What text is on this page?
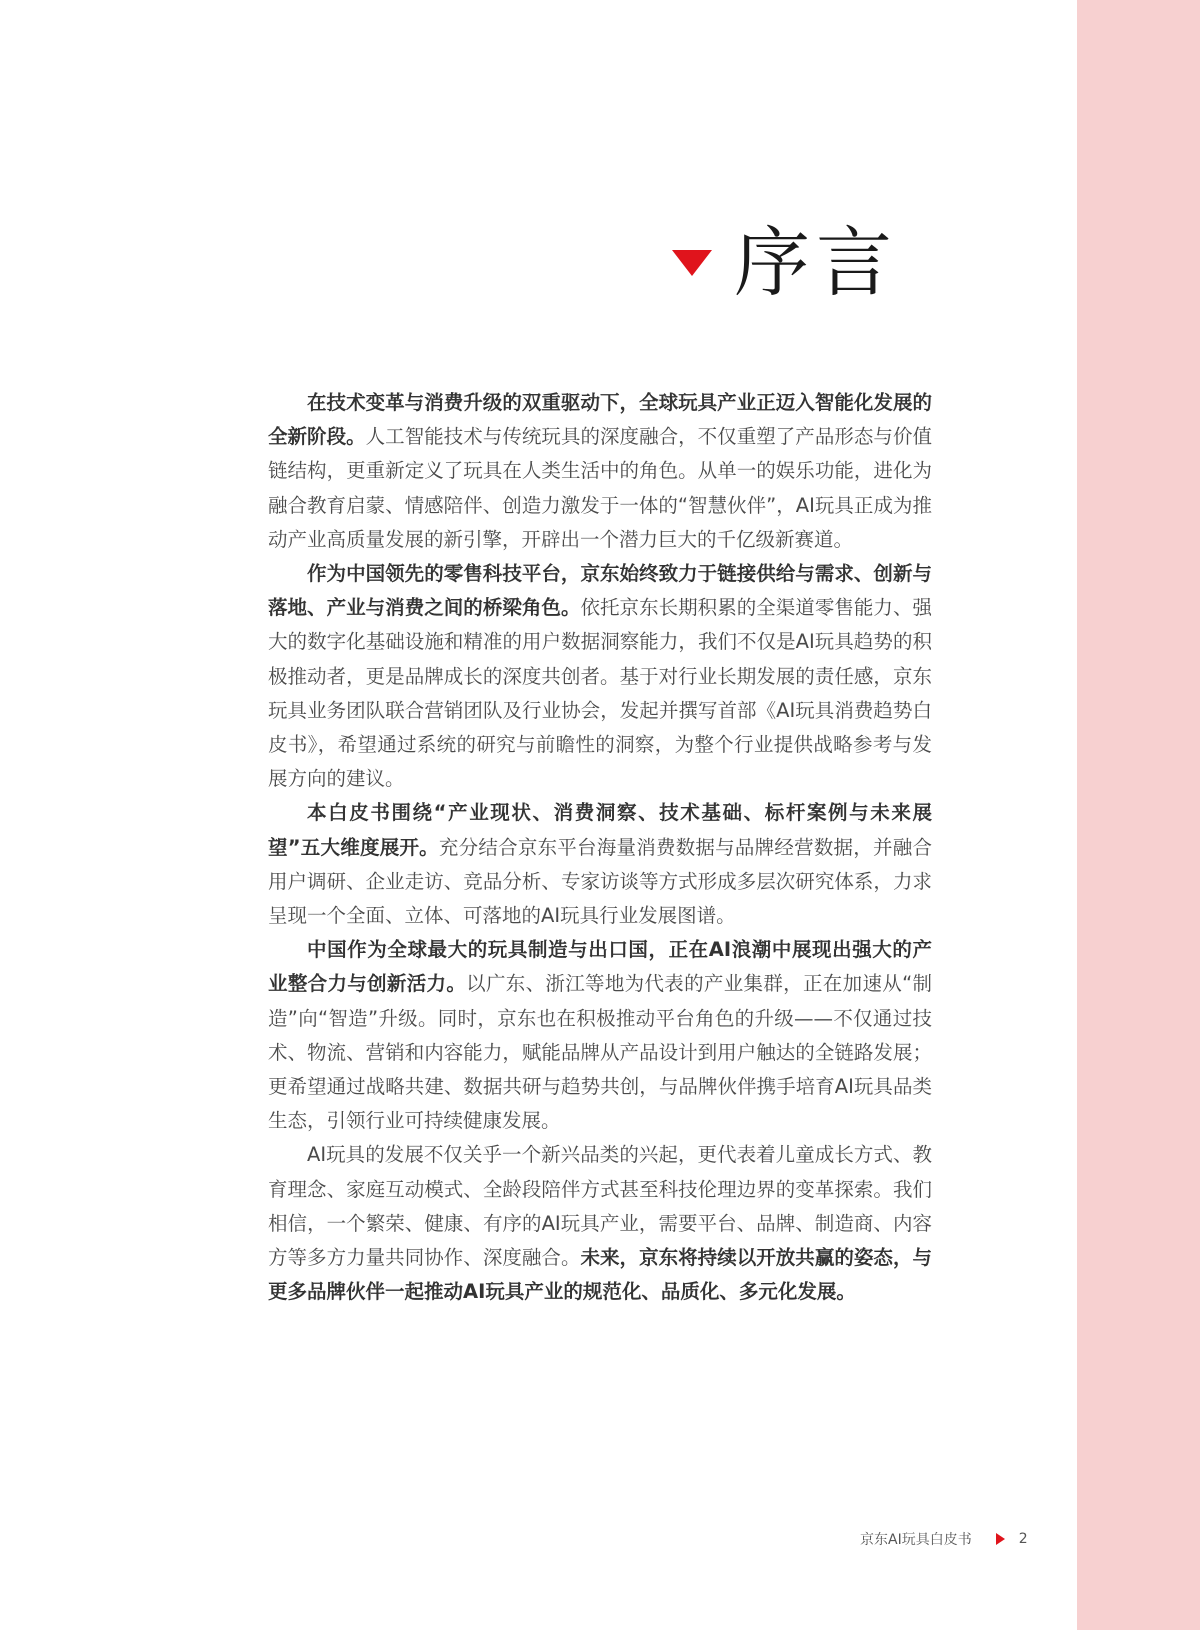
序言

在技术变革与消费升级的双重驱动下，全球玩具产业正迈入智能化发展的全新阶段。人工智能技术与传统玩具的深度融合，不仅重塑了产品形态与价值链结构，更重新定义了玩具在人类生活中的角色。从单一的娱乐功能，进化为融合教育启蒙、情感陪伴、创造力激发于一体的“智慧伙伴”，AI玩具正成为推动产业高质量发展的新引擎，开辟出一个潜力巨大的千亿级新赛道。

作为中国领先的零售科技平台，京东始终致力于链接供给与需求、创新与落地、产业与消费之间的桥梁角色。依托京东长期积累的全渠道零售能力、强大的数字化基础设施和精准的用户数据洞察能力，我们不仅是AI玩具趋势的积极推动者，更是品牌成长的深度共创者。基于对行业长期发展的责任感，京东玩具业务团队联合营销团队及行业协会，发起并撰写首部《AI玩具消费趋势白皮书》，希望通过系统的研究与前瞻性的洞察，为整个行业提供战略参考与发展方向的建议。

本白皮书围绕“产业现状、消费洞察、技术基础、标杆案例与未来展望”五大维度展开。充分结合京东平台海量消费数据与品牌经营数据，并融合用户调研、企业走访、竞品分析、专家访谈等方式形成多层次研究体系，力求呈现一个全面、立体、可落地的AI玩具行业发展图谱。

中国作为全球最大的玩具制造与出口国，正在AI浪潮中展现出强大的产业整合力与创新活力。以广东、浙江等地为代表的产业集群，正在加速从“制造”向“智造”升级。同时，京东也在积极推动平台角色的升级——不仅通过技术、物流、营销和内容能力，赋能品牌从产品设计到用户触达的全链路发展；更希望通过战略共建、数据共研与趋势共创，与品牌伙伴携手培育AI玩具品类生态，引领行业可持续健康发展。

AI玩具的发展不仅关乎一个新兴品类的兴起，更代表着儿童成长方式、教育理念、家庭互动模式、全龄段陪伴方式甚至科技伦理边界的变革探索。我们相信，一个繁荣、健康、有序的AI玩具产业，需要平台、品牌、制造商、内容方等多方力量共同协作、深度融合。未来，京东将持续以开放共赢的姿态，与更多品牌伙伴一起推动AI玩具产业的规范化、品质化、多元化发展。

京东AI玩具白皮书	2
